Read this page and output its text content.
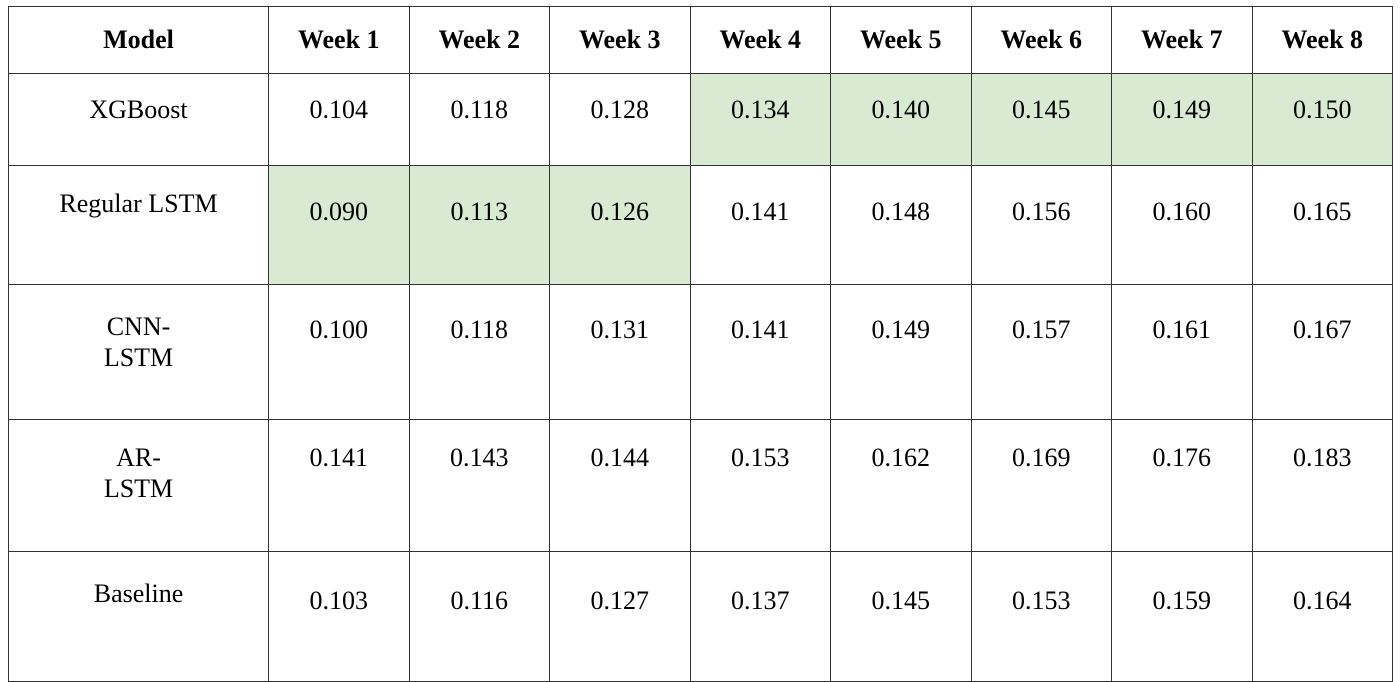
Model	Week 1	Week 2	Week 3	Week 4	Week 5	Week 6	Week 7	Week 8
XGBoost	0.104	0.118	0.128	0.134	0.140	0.145	0.149	0.150
Regular LSTM	0.090	0.113	0.126	0.141	0.148	0.156	0.160	0.165
CNN-
LSTM	0.100	0.118	0.131	0.141	0.149	0.157	0.161	0.167
AR-
LSTM	0.141	0.143	0.144	0.153	0.162	0.169	0.176	0.183
Baseline	0.103	0.116	0.127	0.137	0.145	0.153	0.159	0.164
